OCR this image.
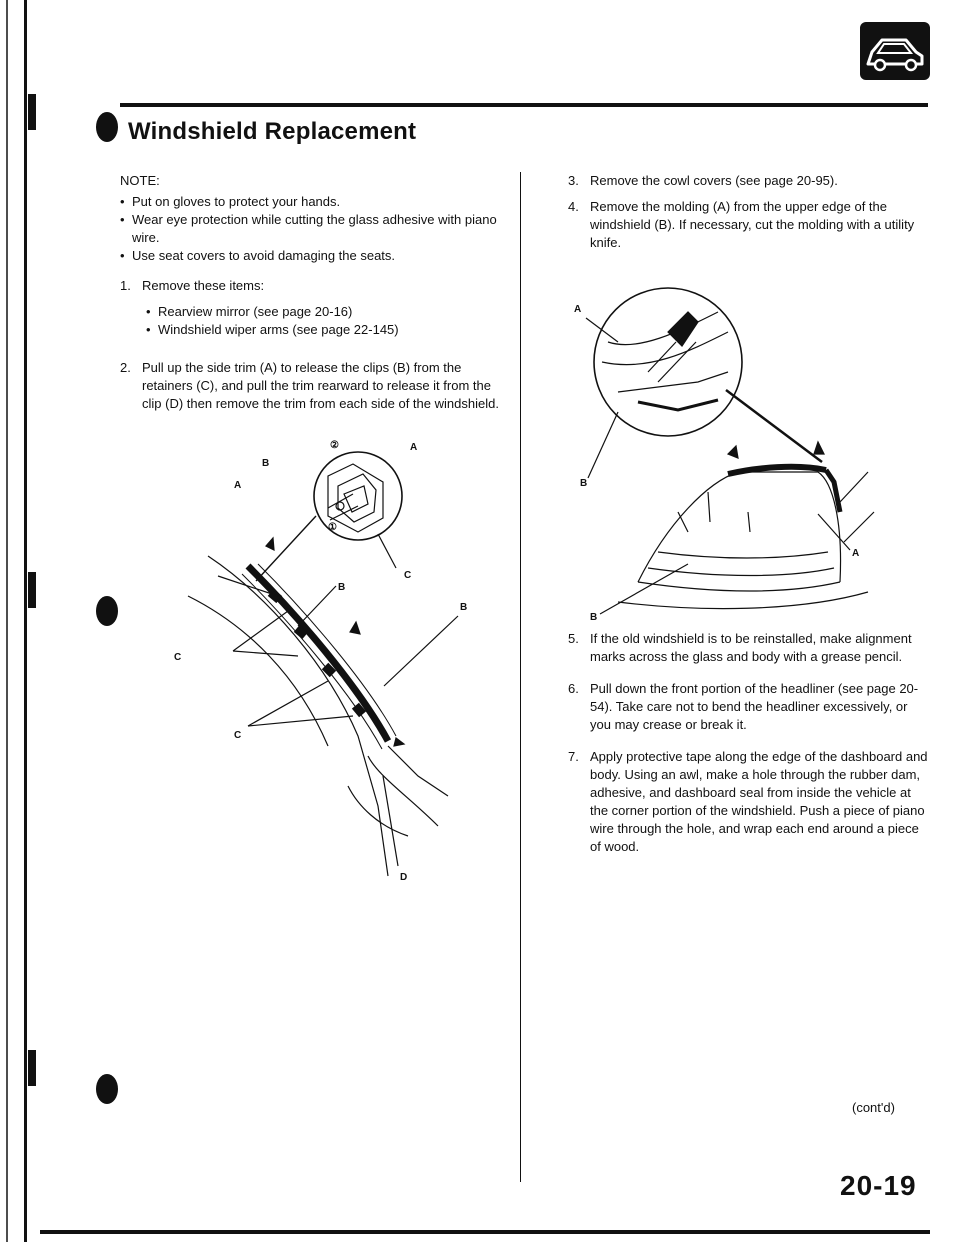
Windshield Replacement
NOTE:
• Put on gloves to protect your hands.
• Wear eye protection while cutting the glass adhesive with piano wire.
• Use seat covers to avoid damaging the seats.
1. Remove these items:
• Rearview mirror (see page 20-16)
• Windshield wiper arms (see page 22-145)
2. Pull up the side trim (A) to release the clips (B) from the retainers (C), and pull the trim rearward to release it from the clip (D) then remove the trim from each side of the windshield.
B
②	A
A
①
C
B
B
C
C
D
3. Remove the cowl covers (see page 20-95).
4. Remove the molding (A) from the upper edge of the windshield (B). If necessary, cut the molding with a utility knife.
5. If the old windshield is to be reinstalled, make alignment marks across the glass and body with a grease pencil.
6. Pull down the front portion of the headliner (see page 20-54). Take care not to bend the headliner excessively, or you may crease or break it.
7. Apply protective tape along the edge of the dashboard and body. Using an awl, make a hole through the rubber dam, adhesive, and dashboard seal from inside the vehicle at the corner portion of the windshield. Push a piece of piano wire through the hole, and wrap each end around a piece of wood.
A
B
A
B
(cont'd)
20-19
